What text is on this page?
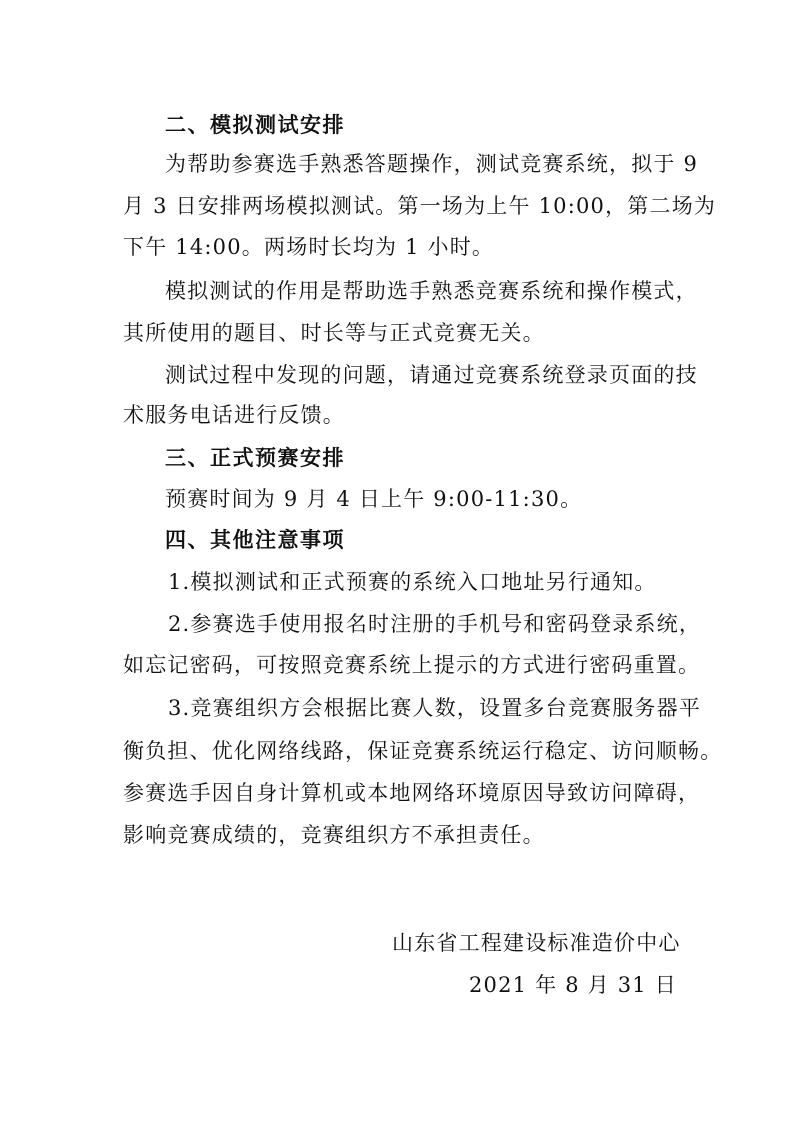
二、模拟测试安排
为帮助参赛选手熟悉答题操作，测试竞赛系统，拟于 9
月 3 日安排两场模拟测试。第一场为上午 10:00，第二场为
下午 14:00。两场时长均为 1 小时。
模拟测试的作用是帮助选手熟悉竞赛系统和操作模式，
其所使用的题目、时长等与正式竞赛无关。
测试过程中发现的问题，请通过竞赛系统登录页面的技
术服务电话进行反馈。
三、正式预赛安排
预赛时间为 9 月 4 日上午 9:00-11:30。
四、其他注意事项
1.模拟测试和正式预赛的系统入口地址另行通知。
2.参赛选手使用报名时注册的手机号和密码登录系统，
如忘记密码，可按照竞赛系统上提示的方式进行密码重置。
3.竞赛组织方会根据比赛人数，设置多台竞赛服务器平
衡负担、优化网络线路，保证竞赛系统运行稳定、访问顺畅。
参赛选手因自身计算机或本地网络环境原因导致访问障碍，
影响竞赛成绩的，竞赛组织方不承担责任。
山东省工程建设标准造价中心
2021 年 8 月 31 日
